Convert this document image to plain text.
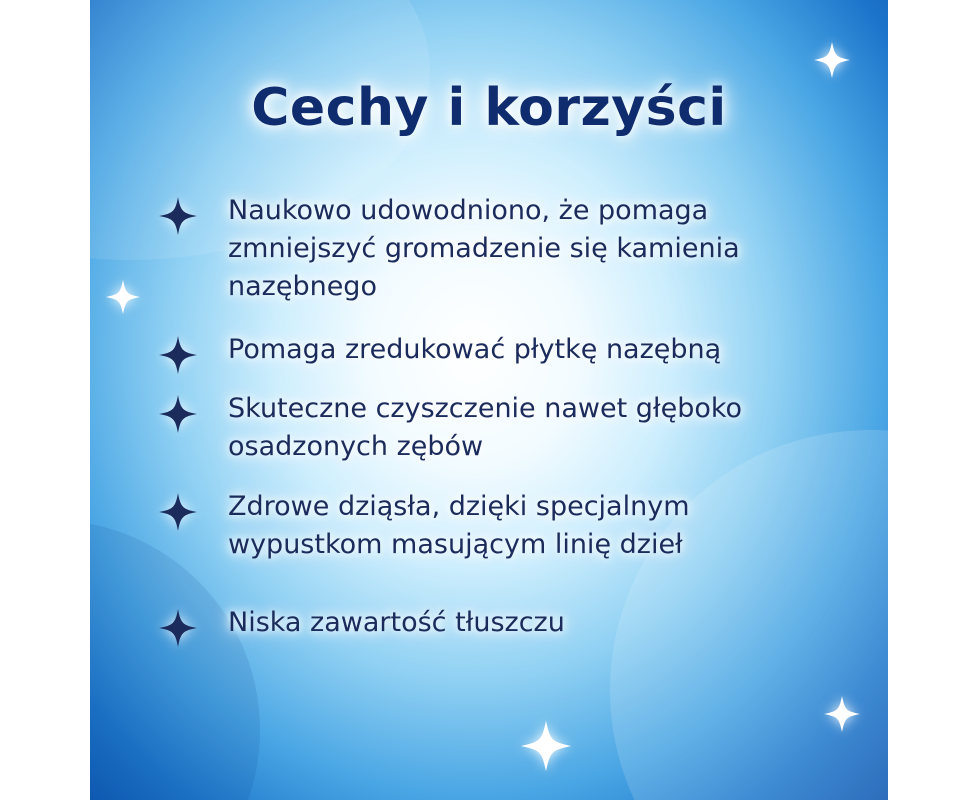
Cechy i korzyści
Naukowo udowodniono, że pomaga zmniejszyć gromadzenie się kamienia nazębnego
Pomaga zredukować płytkę nazębną
Skuteczne czyszczenie nawet głęboko osadzonych zębów
Zdrowe dziąsła, dzięki specjalnym wypustkom masującym linię dzieł
Niska zawartość tłuszczu
